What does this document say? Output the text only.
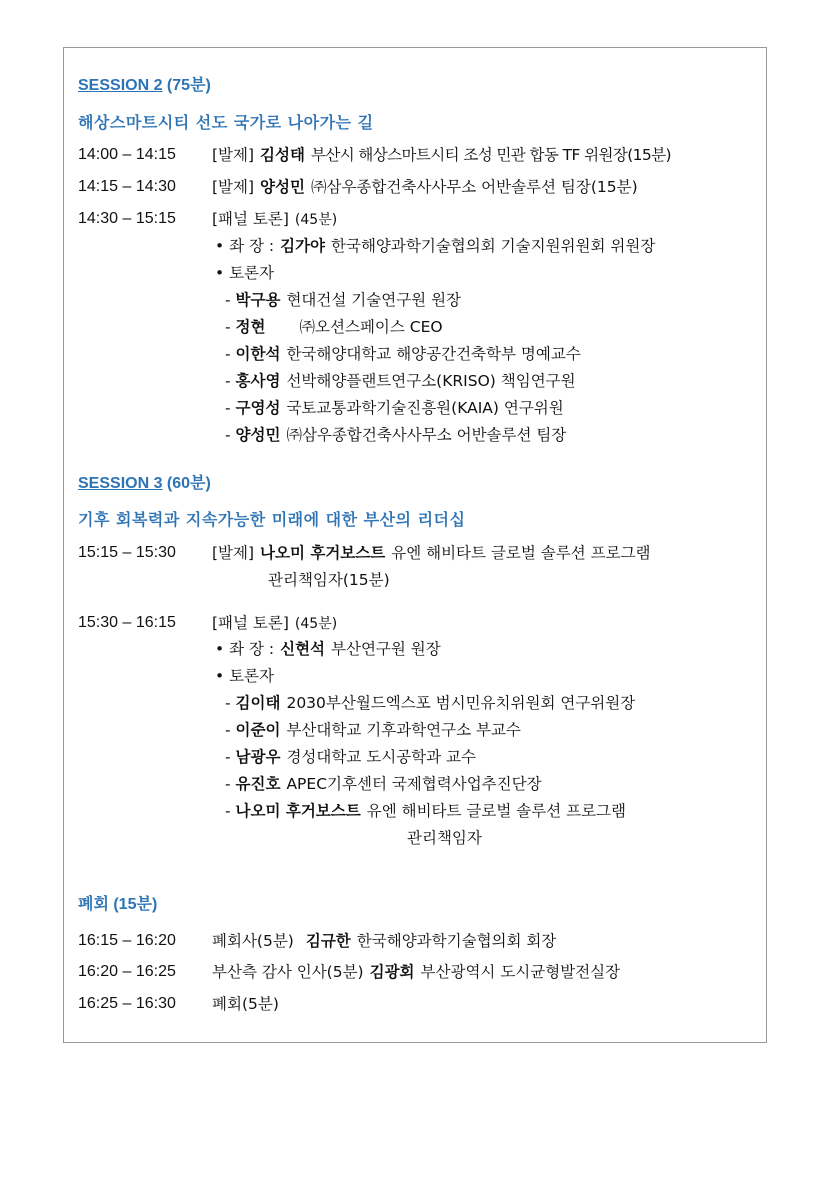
SESSION 2 (75분)
해상스마트시티 선도 국가로 나아가는 길
14:00 – 14:15 [발제] 김성태 부산시 해상스마트시티 조성 민관 합동 TF 위원장(15분)
14:15 – 14:30 [발제] 양성민 ㈜삼우종합건축사사무소 어반솔루션 팀장(15분)
14:30 – 15:15 [패널 토론] (45분)
• 좌 장 : 김가야 한국해양과학기술협의회 기술지원위원회 위원장
• 토론자
- 박구용 현대건설 기술연구원 원장
- 정현 ㈜오션스페이스 CEO
- 이한석 한국해양대학교 해양공간건축학부 명예교수
- 홍사영 선박해양플랜트연구소(KRISO) 책임연구원
- 구영성 국토교통과학기술진흥원(KAIA) 연구위원
- 양성민 ㈜삼우종합건축사사무소 어반솔루션 팀장
SESSION 3 (60분)
기후 회복력과 지속가능한 미래에 대한 부산의 리더십
15:15 – 15:30 [발제] 나오미 후거보스트 유엔 해비타트 글로벌 솔루션 프로그램
관리책임자(15분)
15:30 – 16:15 [패널 토론] (45분)
• 좌 장 : 신현석 부산연구원 원장
• 토론자
- 김이태 2030부산월드엑스포 범시민유치위원회 연구위원장
- 이준이 부산대학교 기후과학연구소 부교수
- 남광우 경성대학교 도시공학과 교수
- 유진호 APEC기후센터 국제협력사업추진단장
- 나오미 후거보스트 유엔 해비타트 글로벌 솔루션 프로그램
관리책임자
폐회 (15분)
16:15 – 16:20 폐회사(5분) 김규한 한국해양과학기술협의회 회장
16:20 – 16:25 부산측 감사 인사(5분) 김광회 부산광역시 도시균형발전실장
16:25 – 16:30 폐회(5분)
